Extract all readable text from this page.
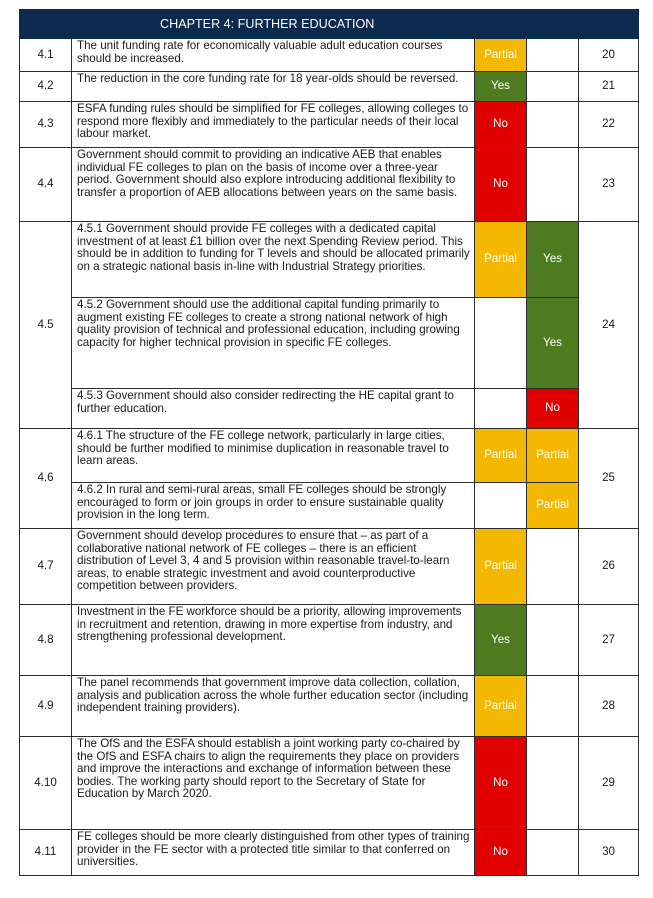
CHAPTER 4: FURTHER EDUCATION				
4.1	The unit funding rate for economically valuable adult education courses should be increased.	Partial		20
4.2	The reduction in the core funding rate for 18 year-olds should be reversed.	Yes		21
4.3	ESFA funding rules should be simplified for FE colleges, allowing colleges to respond more flexibly and immediately to the particular needs of their local labour market.	No		22
4.4	Government should commit to providing an indicative AEB that enables individual FE colleges to plan on the basis of income over a three-year period. Government should also explore introducing additional flexibility to transfer a proportion of AEB allocations between years on the same basis.	No		23
4.5	4.5.1 Government should provide FE colleges with a dedicated capital investment of at least £1 billion over the next Spending Review period. This should be in addition to funding for T levels and should be allocated primarily on a strategic national basis in-line with Industrial Strategy priorities.	Partial	Yes	24
	4.5.2 Government should use the additional capital funding primarily to augment existing FE colleges to create a strong national network of high quality provision of technical and professional education, including growing capacity for higher technical provision in specific FE colleges.		Yes	
	4.5.3 Government should also consider redirecting the HE capital grant to further education.		No	
4.6	4.6.1 The structure of the FE college network, particularly in large cities, should be further modified to minimise duplication in reasonable travel to learn areas.	Partial	Partial	25
	4.6.2 In rural and semi-rural areas, small FE colleges should be strongly encouraged to form or join groups in order to ensure sustainable quality provision in the long term.		Partial	
4.7	Government should develop procedures to ensure that – as part of a collaborative national network of FE colleges – there is an efficient distribution of Level 3, 4 and 5 provision within reasonable travel-to-learn areas, to enable strategic investment and avoid counterproductive competition between providers.	Partial		26
4.8	Investment in the FE workforce should be a priority, allowing improvements in recruitment and retention, drawing in more expertise from industry, and strengthening professional development.	Yes		27
4.9	The panel recommends that government improve data collection, collation, analysis and publication across the whole further education sector (including independent training providers).	Partial		28
4.10	The OfS and the ESFA should establish a joint working party co-chaired by the OfS and ESFA chairs to align the requirements they place on providers and improve the interactions and exchange of information between these bodies. The working party should report to the Secretary of State for Education by March 2020.	No		29
4.11	FE colleges should be more clearly distinguished from other types of training provider in the FE sector with a protected title similar to that conferred on universities.	No		30
